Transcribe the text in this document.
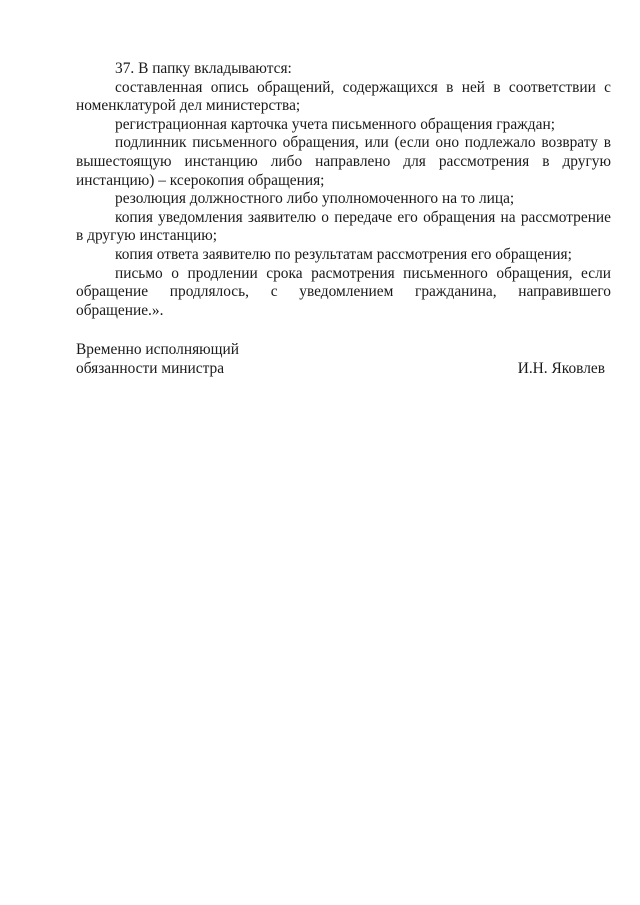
37. В папку вкладываются:

составленная опись обращений, содержащихся в ней в соответствии с номенклатурой дел министерства;

регистрационная карточка учета письменного обращения граждан;

подлинник письменного обращения, или (если оно подлежало возврату в вышестоящую инстанцию либо направлено для рассмотрения в другую инстанцию) – ксерокопия обращения;

резолюция должностного либо уполномоченного на то лица;

копия уведомления заявителю о передаче его обращения на рассмотрение в другую инстанцию;

копия ответа заявителю по результатам рассмотрения его обращения;

письмо о продлении срока расмотрения письменного обращения, если обращение продлялось, с уведомлением гражданина, направившего обращение.».

Временно исполняющий
обязанности министра	И.Н. Яковлев
